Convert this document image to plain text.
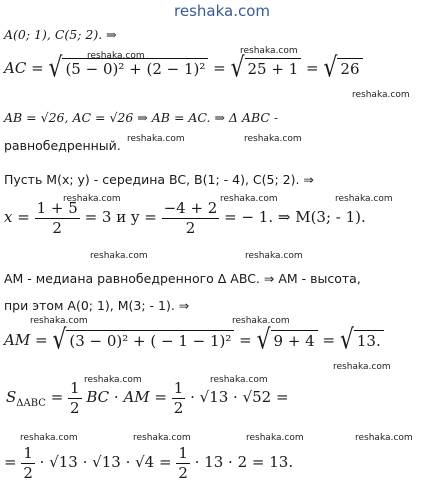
reshaka.com
reshaka.com	reshaka.com
reshaka.com
reshaka.com	reshaka.com
reshaka.com	reshaka.com	reshaka.com
reshaka.com	reshaka.com
reshaka.com	reshaka.com
reshaka.com
reshaka.com	reshaka.com
reshaka.com	reshaka.com	reshaka.com	reshaka.com
A(0; 1), C(5; 2). ⇒
AC = √ (5 − 0)² + (2 − 1)² = √ 25 + 1 = √ 26
AB = √26, AC = √26 ⇒ AB = AC. ⇒ Δ ABC -
равнобедренный.
Пусть M(x; y) - середина BC, B(1; - 4), C(5; 2). ⇒
$x = \frac{1 + 5}{2} = 3$ и $y = \frac{-4 + 2}{2}$ = − 1. ⇒ M(3; - 1).
AM - медиана равнобедренного Δ ABC. ⇒ AM - высота,
при этом A(0; 1), M(3; - 1). ⇒
AM = √ (3 − 0)² + ( − 1 − 1)² = √ 9 + 4 = √ 13.
$S_{\Delta ABC} = \frac{1}{2}$ BC · AM = $\frac{1}{2} \cdot √13 \cdot √52$ =
= $\frac{1}{2} \cdot √13 \cdot √13 \cdot √4 = \frac{1}{2} \cdot 13 \cdot 2 = 13$.
